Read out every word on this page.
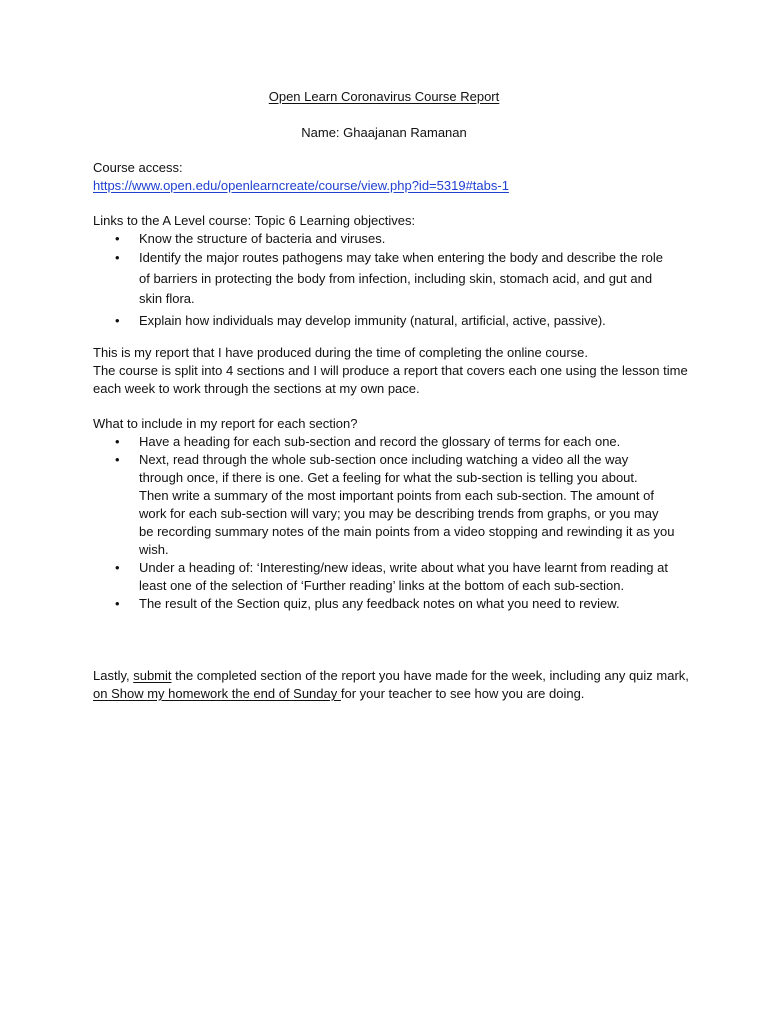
Open Learn Coronavirus Course Report
Name: Ghaajanan Ramanan
Course access:
https://www.open.edu/openlearncreate/course/view.php?id=5319#tabs-1
Links to the A Level course: Topic 6 Learning objectives:
• Know the structure of bacteria and viruses.
• Identify the major routes pathogens may take when entering the body and describe the role of barriers in protecting the body from infection, including skin, stomach acid, and gut and skin flora.
• Explain how individuals may develop immunity (natural, artificial, active, passive).
This is my report that I have produced during the time of completing the online course.
The course is split into 4 sections and I will produce a report that covers each one using the lesson time each week to work through the sections at my own pace.
What to include in my report for each section?
• Have a heading for each sub-section and record the glossary of terms for each one.
• Next, read through the whole sub-section once including watching a video all the way through once, if there is one. Get a feeling for what the sub-section is telling you about.
Then write a summary of the most important points from each sub-section. The amount of work for each sub-section will vary; you may be describing trends from graphs, or you may be recording summary notes of the main points from a video stopping and rewinding it as you wish.
• Under a heading of: ‘Interesting/new ideas, write about what you have learnt from reading at least one of the selection of ‘Further reading’ links at the bottom of each sub-section.
• The result of the Section quiz, plus any feedback notes on what you need to review.
Lastly, submit the completed section of the report you have made for the week, including any quiz mark, on Show my homework the end of Sunday for your teacher to see how you are doing.
